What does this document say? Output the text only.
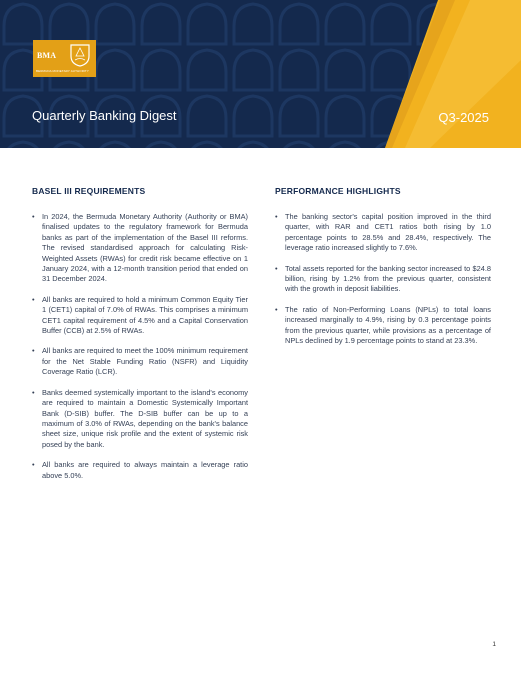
BMA
BERMUDA MONETARY AUTHORITY
Quarterly Banking Digest	Q3-2025
BASEL III REQUIREMENTS
• In 2024, the Bermuda Monetary Authority (Authority or BMA) finalised updates to the regulatory framework for Bermuda banks as part of the implementation of the Basel III reforms. The revised standardised approach for calculating Risk-Weighted Assets (RWAs) for credit risk became effective on 1 January 2024, with a 12-month transition period that ended on 31 December 2024.
• All banks are required to hold a minimum Common Equity Tier 1 (CET1) capital of 7.0% of RWAs. This comprises a minimum CET1 capital requirement of 4.5% and a Capital Conservation Buffer (CCB) at 2.5% of RWAs.
• All banks are required to meet the 100% minimum requirement for the Net Stable Funding Ratio (NSFR) and Liquidity Coverage Ratio (LCR).
• Banks deemed systemically important to the island's economy are required to maintain a Domestic Systemically Important Bank (D-SIB) buffer. The D-SIB buffer can be up to a maximum of 3.0% of RWAs, depending on the bank's balance sheet size, unique risk profile and the extent of systemic risk posed by the bank.
• All banks are required to always maintain a leverage ratio above 5.0%.
PERFORMANCE HIGHLIGHTS
• The banking sector's capital position improved in the third quarter, with RAR and CET1 ratios both rising by 1.0 percentage points to 28.5% and 28.4%, respectively. The leverage ratio increased slightly to 7.6%.
• Total assets reported for the banking sector increased to $24.8 billion, rising by 1.2% from the previous quarter, consistent with the growth in deposit liabilities.
• The ratio of Non-Performing Loans (NPLs) to total loans increased marginally to 4.9%, rising by 0.3 percentage points from the previous quarter, while provisions as a percentage of NPLs declined by 1.9 percentage points to stand at 23.3%.
1
